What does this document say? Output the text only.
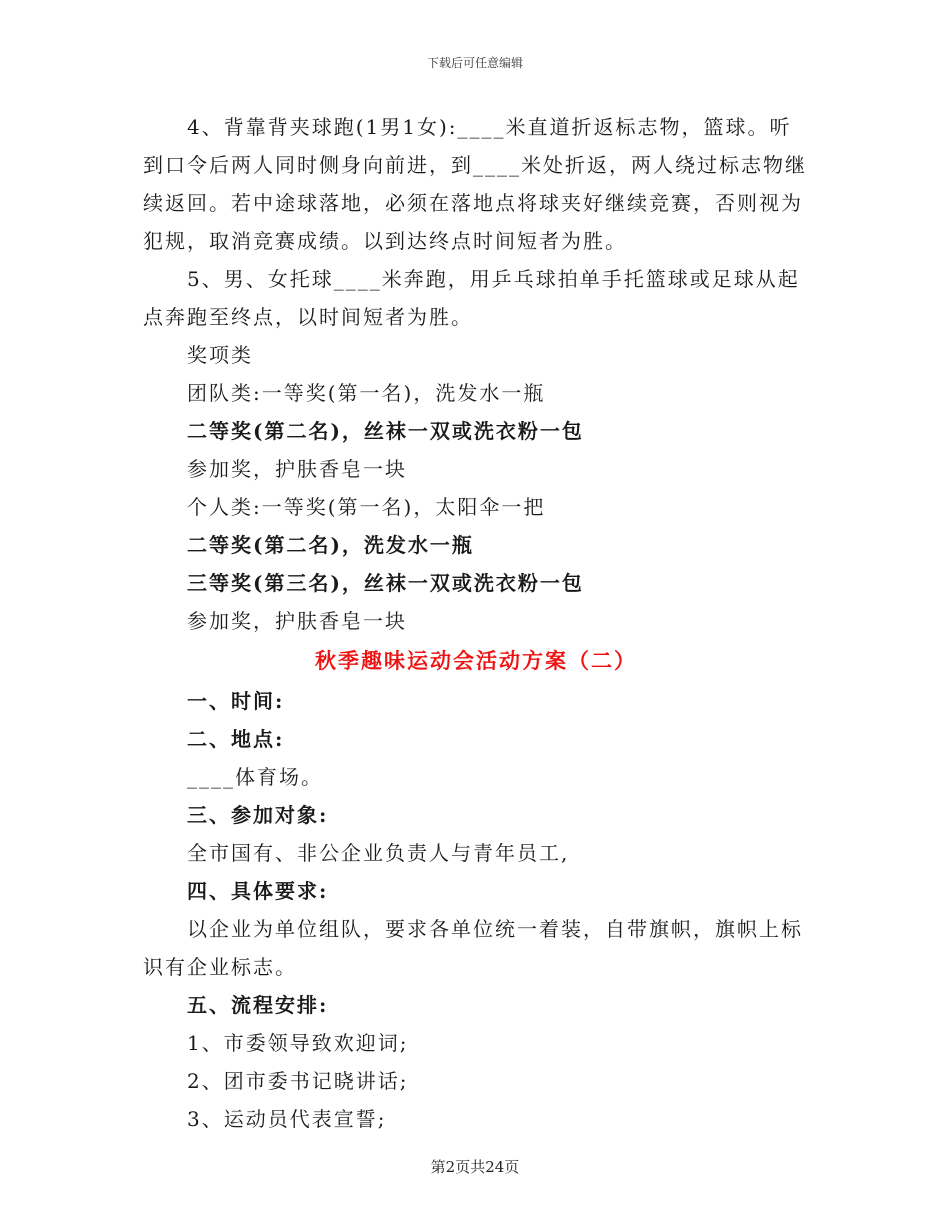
下载后可任意编辑

4、背靠背夹球跑(1男1女):____米直道折返标志物，篮球。听到口令后两人同时侧身向前进，到____米处折返，两人绕过标志物继续返回。若中途球落地，必须在落地点将球夹好继续竞赛，否则视为犯规，取消竞赛成绩。以到达终点时间短者为胜。

5、男、女托球____米奔跑，用乒乓球拍单手托篮球或足球从起点奔跑至终点，以时间短者为胜。

奖项类

团队类:一等奖(第一名)，洗发水一瓶

二等奖(第二名)，丝袜一双或洗衣粉一包

参加奖，护肤香皂一块

个人类:一等奖(第一名)，太阳伞一把

二等奖(第二名)，洗发水一瓶

三等奖(第三名)，丝袜一双或洗衣粉一包

参加奖，护肤香皂一块

秋季趣味运动会活动方案（二）

一、时间:

二、地点:

____体育场。

三、参加对象:

全市国有、非公企业负责人与青年员工,

四、具体要求:

以企业为单位组队，要求各单位统一着装，自带旗帜，旗帜上标识有企业标志。

五、流程安排:

1、市委领导致欢迎词;

2、团市委书记晓讲话;

3、运动员代表宣誓;

第2页共24页
